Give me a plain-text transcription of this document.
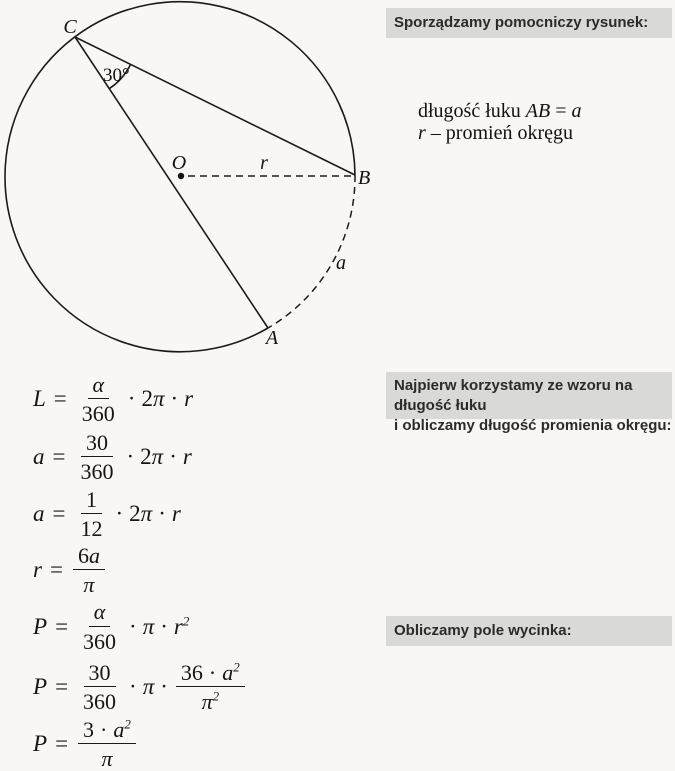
C
O	r
B
A
a
30°
Sporządzamy pomocniczy rysunek:
Najpierw korzystamy ze wzoru na długość łuku
i obliczamy długość promienia okręgu:
Obliczamy pole wycinka:
długość łuku AB = a
r – promień okręgu
$L = \frac{\alpha}{360} \cdot 2$ π · r
$a = \frac{30}{360} \cdot 2$ π · r
$a = \frac{1}{12} \cdot 2$ π · r
$r = \frac{6 a}{\pi}$
$P = \frac{\alpha}{360} \cdot \pi \cdot r^2$
$P = \frac{30}{360} \cdot \pi \cdot \frac{36 \cdot a^2}{\pi^2}$
$P = \frac{3 \cdot a^2}{\pi}$
